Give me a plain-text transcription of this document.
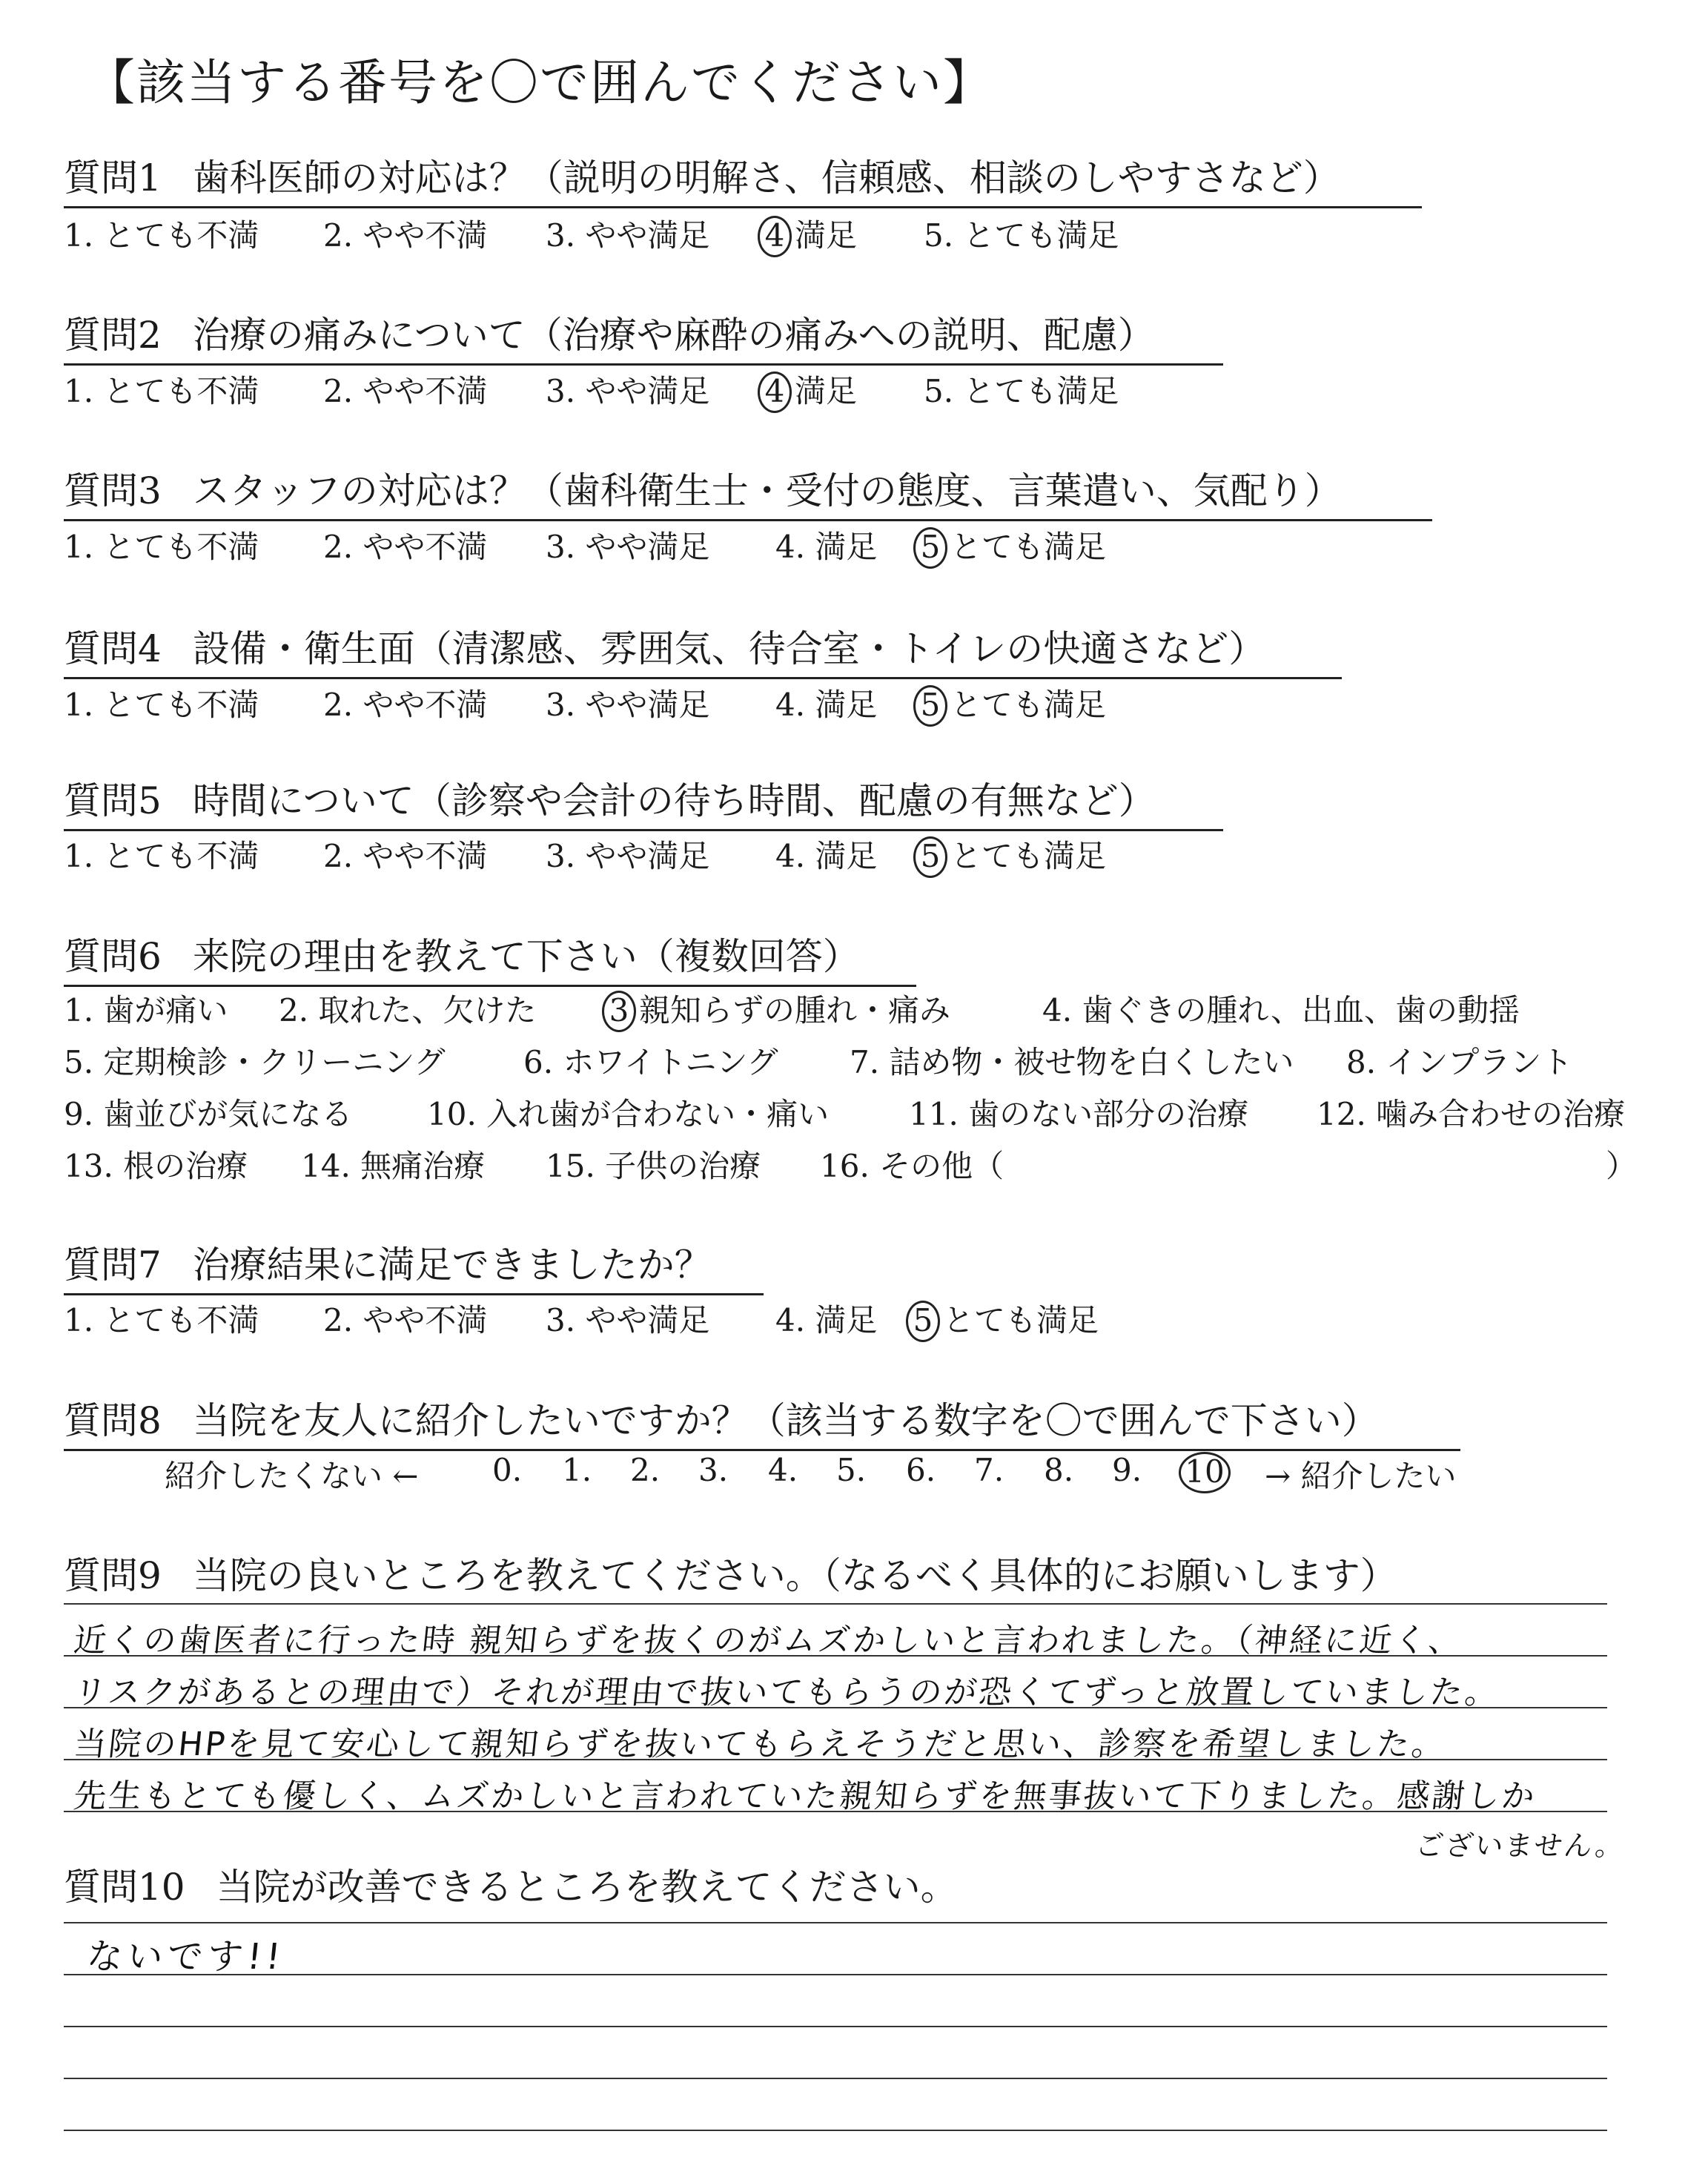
【該当する番号を〇で囲んでください】
質問1 歯科医師の対応は？（説明の明解さ、信頼感、相談のしやすさなど）
1. とても不満 2. やや不満 3. やや満足 4 満足 5. とても満足
質問2 治療の痛みについて（治療や麻酔の痛みへの説明、配慮）
1. とても不満 2. やや不満 3. やや満足 4 満足 5. とても満足
質問3 スタッフの対応は？（歯科衛生士・受付の態度、言葉遣い、気配り）
1. とても不満 2. やや不満 3. やや満足 4. 満足 5 とても満足
質問4 設備・衛生面（清潔感、雰囲気、待合室・トイレの快適さなど）
1. とても不満 2. やや不満 3. やや満足 4. 満足 5 とても満足
質問5 時間について（診察や会計の待ち時間、配慮の有無など）
1. とても不満 2. やや不満 3. やや満足 4. 満足 5 とても満足
質問6 来院の理由を教えて下さい（複数回答）
1. 歯が痛い 2. 取れた、欠けた 3 親知らずの腫れ・痛み	4. 歯ぐきの腫れ、出血、歯の動揺
5. 定期検診・クリーニング	6. ホワイトニング 7. 詰め物・被せ物を白くしたい 8. インプラント
9. 歯並びが気になる 10. 入れ歯が合わない・痛い	11. 歯のない部分の治療 12. 噛み合わせの治療
13. 根の治療 14. 無痛治療 15. 子供の治療 16. その他（	）
質問7 治療結果に満足できましたか？
1. とても不満 2. やや不満 3. やや満足 4. 満足 5 とても満足
質問8 当院を友人に紹介したいですか？（該当する数字を〇で囲んで下さい）
紹介したくない ← 0. 1. 2. 3. 4. 5. 6. 7. 8. 9. 10 → 紹介したい
質問9 当院の良いところを教えてください。（なるべく具体的にお願いします）
近くの歯医者に行った時 親知らずを抜くのがムズかしいと言われました。（神経に近く、
リスクがあるとの理由で）それが理由で抜いてもらうのが恐くてずっと放置していました。
当院のHPを見て安心して親知らずを抜いてもらえそうだと思い、診察を希望しました。
先生もとても優しく、ムズかしいと言われていた親知らずを無事抜いて下りました。感謝しか
ございません。
質問10 当院が改善できるところを教えてください。
ないです!!
